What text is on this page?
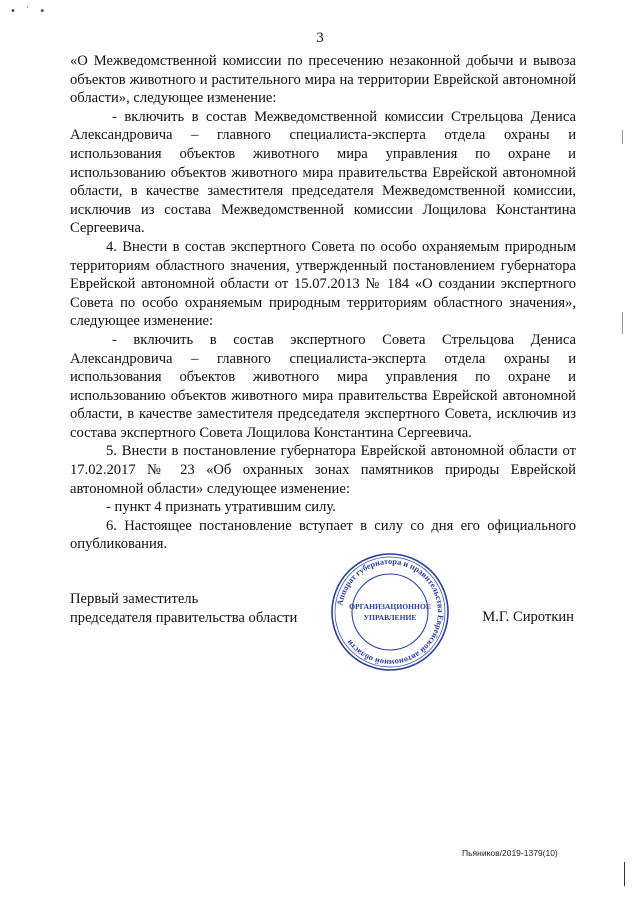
• ˙ •
3

«О Межведомственной комиссии по пресечению незаконной добычи и вывоза объектов животного и растительного мира на территории Еврейской автономной области», следующее изменение:

- включить в состав Межведомственной комиссии Стрельцова Дениса Александровича – главного специалиста-эксперта отдела охраны и использования объектов животного мира управления по охране и использованию объектов животного мира правительства Еврейской автономной области, в качестве заместителя председателя Межведомственной комиссии, исключив из состава Межведомственной комиссии Лощилова Константина Сергеевича.

4. Внести в состав экспертного Совета по особо охраняемым природным территориям областного значения, утвержденный постановлением губернатора Еврейской автономной области от 15.07.2013 № 184 «О создании экспертного Совета по особо охраняемым природным территориям областного значения», следующее изменение:

- включить в состав экспертного Совета Стрельцова Дениса Александровича – главного специалиста-эксперта отдела охраны и использования объектов животного мира управления по охране и использованию объектов животного мира правительства Еврейской автономной области, в качестве заместителя председателя экспертного Совета, исключив из состава экспертного Совета Лощилова Константина Сергеевича.

5. Внести в постановление губернатора Еврейской автономной области от 17.02.2017 № 23 «Об охранных зонах памятников природы Еврейской автономной области» следующее изменение:

- пункт 4 признать утратившим силу.

6. Настоящее постановление вступает в силу со дня его официального опубликования.

Первый заместитель
председателя правительства области
Аппарат губернатора и правительства Еврейской автономной области
ОРГАНИЗАЦИОННОЕ
УПРАВЛЕНИЕ	М.Г. Сироткин
Пьяников/2019-1379(10)
